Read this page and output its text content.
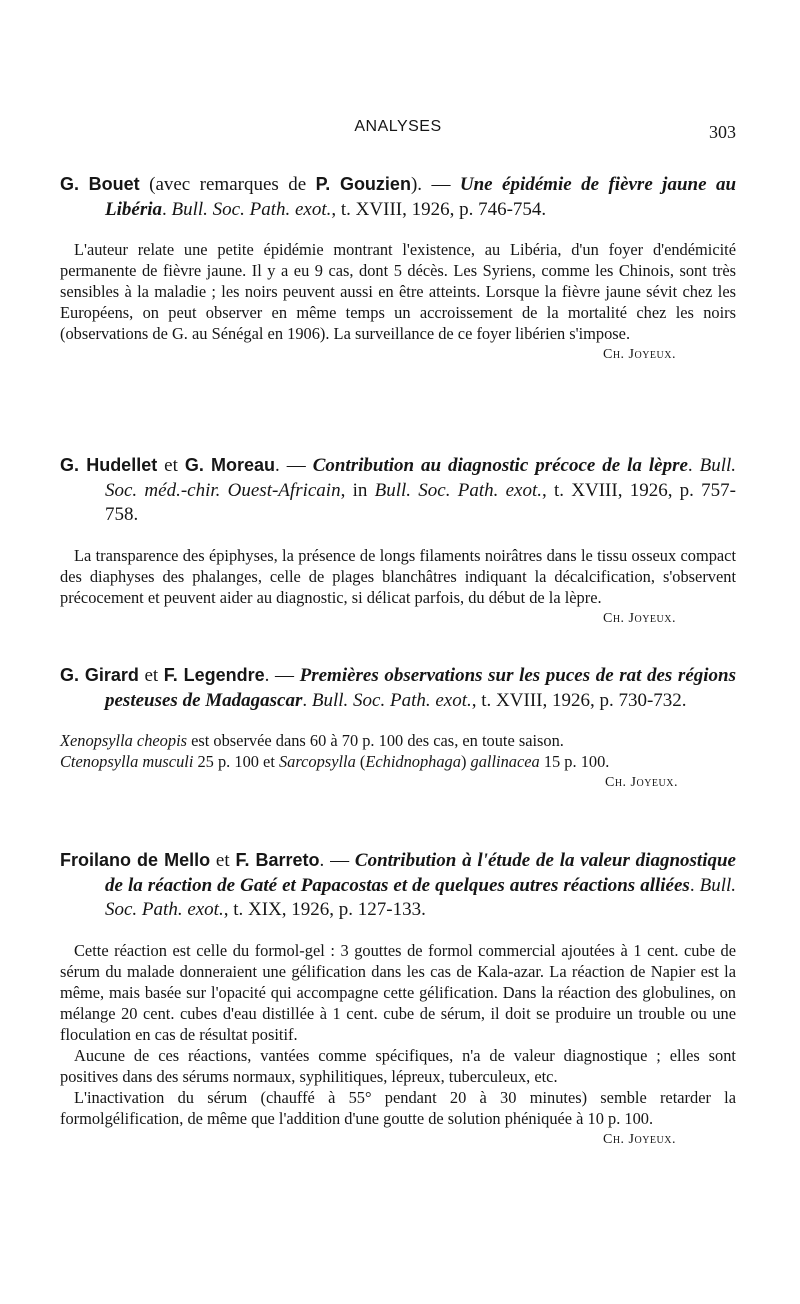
ANALYSES	303
G. Bouet (avec remarques de P. Gouzien). — Une épidémie de fièvre jaune au Libéria. Bull. Soc. Path. exot., t. XVIII, 1926, p. 746-754.

L'auteur relate une petite épidémie montrant l'existence, au Libéria, d'un foyer d'endémicité permanente de fièvre jaune. Il y a eu 9 cas, dont 5 décès. Les Syriens, comme les Chinois, sont très sensibles à la maladie ; les noirs peuvent aussi en être atteints. Lorsque la fièvre jaune sévit chez les Européens, on peut observer en même temps un accroissement de la mortalité chez les noirs (observations de G. au Sénégal en 1906). La surveillance de ce foyer libérien s'impose.
Ch. Joyeux.

G. Hudellet et G. Moreau. — Contribution au diagnostic précoce de la lèpre. Bull. Soc. méd.-chir. Ouest-Africain, in Bull. Soc. Path. exot., t. XVIII, 1926, p. 757-758.

La transparence des épiphyses, la présence de longs filaments noirâtres dans le tissu osseux compact des diaphyses des phalanges, celle de plages blanchâtres indiquant la décalcification, s'observent précocement et peuvent aider au diagnostic, si délicat parfois, du début de la lèpre.
Ch. Joyeux.

G. Girard et F. Legendre. — Premières observations sur les puces de rat des régions pesteuses de Madagascar. Bull. Soc. Path. exot., t. XVIII, 1926, p. 730-732.

Xenopsylla cheopis est observée dans 60 à 70 p. 100 des cas, en toute saison.

Ctenopsylla musculi 25 p. 100 et Sarcopsylla (Echidnophaga) gallinacea 15 p. 100.

Ch. Joyeux.
Froilano de Mello et F. Barreto. — Contribution à l'étude de la valeur diagnostique de la réaction de Gaté et Papacostas et de quelques autres réactions alliées. Bull. Soc. Path. exot., t. XIX, 1926, p. 127-133.

Cette réaction est celle du formol-gel : 3 gouttes de formol commercial ajoutées à 1 cent. cube de sérum du malade donneraient une gélification dans les cas de Kala-azar. La réaction de Napier est la même, mais basée sur l'opacité qui accompagne cette gélification. Dans la réaction des globulines, on mélange 20 cent. cubes d'eau distillée à 1 cent. cube de sérum, il doit se produire un trouble ou une floculation en cas de résultat positif.

Aucune de ces réactions, vantées comme spécifiques, n'a de valeur diagnostique ; elles sont positives dans des sérums normaux, syphilitiques, lépreux, tuberculeux, etc.

L'inactivation du sérum (chauffé à 55° pendant 20 à 30 minutes) semble retarder la formolgélification, de même que l'addition d'une goutte de solution phéniquée à 10 p. 100.
Ch. Joyeux.
